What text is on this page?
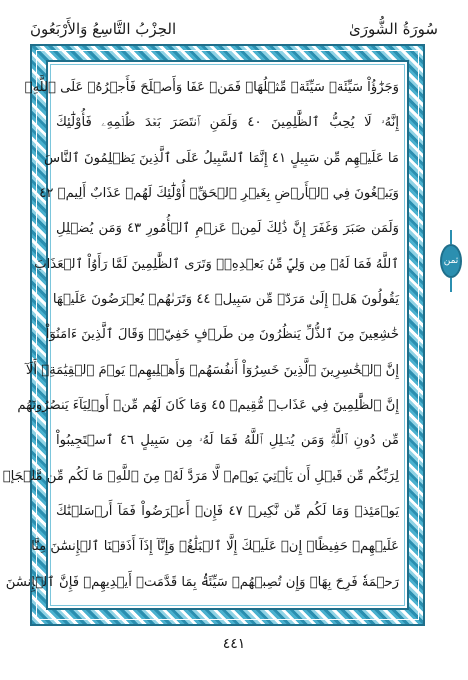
الحِزْبُ التَّاسِعُ وَالأَرْبَعُونَ	سُورَةُ الشُّورَىٰ
وَجَزَٰٓؤُاْ سَيِّئَةٖ سَيِّئَةٞ مِّثۡلُهَاۖ فَمَنۡ عَفَا وَأَصۡلَحَ فَأَجۡرُهُۥ عَلَى ٱللَّهِۚ
إِنَّهُۥ لَا يُحِبُّ ٱلظَّٰلِمِينَ ٤٠ وَلَمَنِ ٱنتَصَرَ بَعۡدَ ظُلۡمِهِۦ فَأُوْلَٰٓئِكَ
مَا عَلَيۡهِم مِّن سَبِيلٍ ٤١ إِنَّمَا ٱلسَّبِيلُ عَلَى ٱلَّذِينَ يَظۡلِمُونَ ٱلنَّاسَ
وَيَبۡغُونَ فِي ٱلۡأَرۡضِ بِغَيۡرِ ٱلۡحَقِّۚ أُوْلَٰٓئِكَ لَهُمۡ عَذَابٌ أَلِيمٞ ٤٢
وَلَمَن صَبَرَ وَغَفَرَ إِنَّ ذَٰلِكَ لَمِنۡ عَزۡمِ ٱلۡأُمُورِ ٤٣ وَمَن يُضۡلِلِ
ٱللَّهُ فَمَا لَهُۥ مِن وَلِيّٖ مِّنۢ بَعۡدِهِۦۗ وَتَرَى ٱلظَّٰلِمِينَ لَمَّا رَأَوُاْ ٱلۡعَذَابَ
يَقُولُونَ هَلۡ إِلَىٰ مَرَدّٖ مِّن سَبِيلٖ ٤٤ وَتَرَىٰهُمۡ يُعۡرَضُونَ عَلَيۡهَا
خَٰشِعِينَ مِنَ ٱلذُّلِّ يَنظُرُونَ مِن طَرۡفٍ خَفِيّٖۗ وَقَالَ ٱلَّذِينَ ءَامَنُوٓاْ
إِنَّ ٱلۡخَٰسِرِينَ ٱلَّذِينَ خَسِرُوٓاْ أَنفُسَهُمۡ وَأَهۡلِيهِمۡ يَوۡمَ ٱلۡقِيَٰمَةِۗ أَلَآ
إِنَّ ٱلظَّٰلِمِينَ فِي عَذَابٖ مُّقِيمٖ ٤٥ وَمَا كَانَ لَهُم مِّنۡ أَوۡلِيَآءَ يَنصُرُونَهُم
مِّن دُونِ ٱللَّهِۗ وَمَن يُضۡلِلِ ٱللَّهُ فَمَا لَهُۥ مِن سَبِيلٍ ٤٦ ٱسۡتَجِيبُواْ
لِرَبِّكُم مِّن قَبۡلِ أَن يَأۡتِيَ يَوۡمٞ لَّا مَرَدَّ لَهُۥ مِنَ ٱللَّهِۚ مَا لَكُم مِّن مَّلۡجَإٖ
يَوۡمَئِذٖ وَمَا لَكُم مِّن نَّكِيرٖ ٤٧ فَإِنۡ أَعۡرَضُواْ فَمَآ أَرۡسَلۡنَٰكَ
عَلَيۡهِمۡ حَفِيظًاۖ إِنۡ عَلَيۡكَ إِلَّا ٱلۡبَلَٰغُۗ وَإِنَّآ إِذَآ أَذَقۡنَا ٱلۡإِنسَٰنَ مِنَّا
رَحۡمَةٗ فَرِحَ بِهَاۖ وَإِن تُصِبۡهُمۡ سَيِّئَةُۢ بِمَا قَدَّمَتۡ أَيۡدِيهِمۡ فَإِنَّ ٱلۡإِنسَٰنَ
ثمن
٤٤١
